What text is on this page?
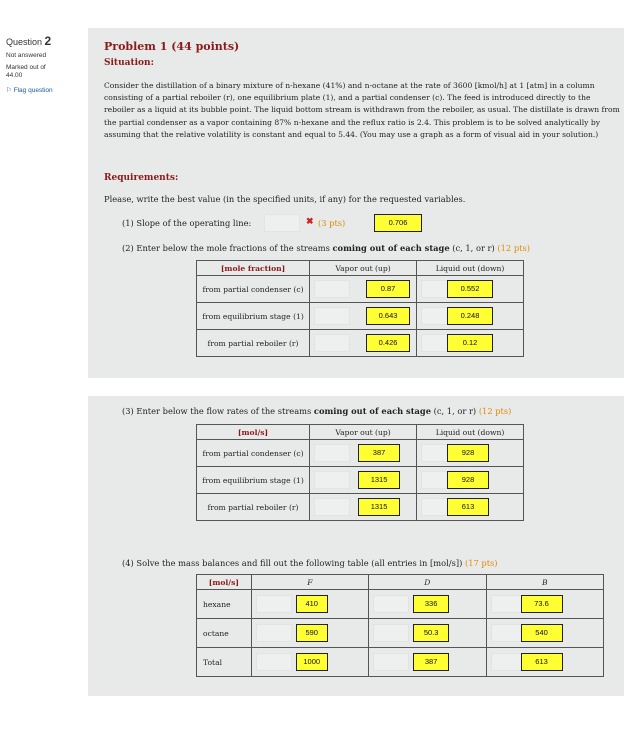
Question 2
Not answered
Marked out of
44.00
⚐ Flag question
Problem 1 (44 points)
Situation:
Consider the distillation of a binary mixture of n-hexane (41%) and n-octane at the rate of 3600 [kmol/h] at 1 [atm] in a column consisting of a partial reboiler (r), one equilibrium plate (1), and a partial condenser (c). The feed is introduced directly to the reboiler as a liquid at its bubble point. The liquid bottom stream is withdrawn from the reboiler, as usual. The distillate is drawn from the partial condenser as a vapor containing 87% n-hexane and the reflux ratio is 2.4. This problem is to be solved analytically by assuming that the relative volatility is constant and equal to 5.44. (You may use a graph as a form of visual aid in your solution.)
Requirements:
Please, write the best value (in the specified units, if any) for the requested variables.
(1) Slope of the operating line:	✖ (3 pts)	0.706
(2) Enter below the mole fractions of the streams coming out of each stage (c, 1, or r) (12 pts)
[mole fraction]	Vapor out (up)	Liquid out (down)
from partial condenser (c)	0.87	0.552

from equilibrium stage (1)	0.643	0.248

from partial reboiler (r)	0.426	0.12
(3) Enter below the flow rates of the streams coming out of each stage (c, 1, or r) (12 pts)
[mol/s]	Vapor out (up)	Liquid out (down)
from partial condenser (c)	387	928

from equilibrium stage (1)	1315	928

from partial reboiler (r)	1315	613
(4) Solve the mass balances and fill out the following table (all entries in [mol/s]) (17 pts)
[mol/s]	F	D	B
hexane	410	336	73.6

octane	590	50.3	540

Total	1000	387	613
